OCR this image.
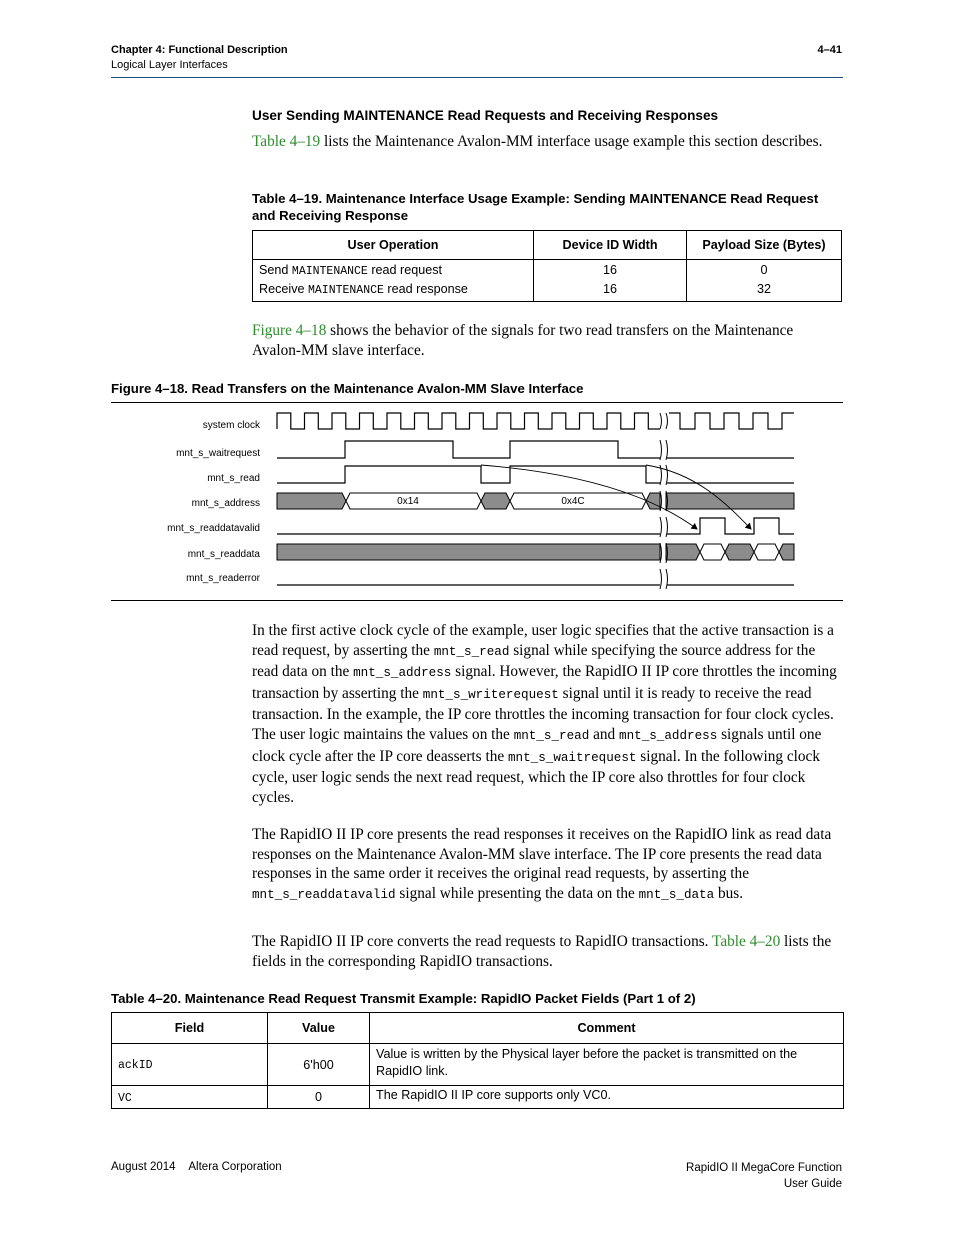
Chapter 4: Functional Description
Logical Layer Interfaces
4–41
User Sending MAINTENANCE Read Requests and Receiving Responses
Table 4–19 lists the Maintenance Avalon-MM interface usage example this section describes.
Table 4–19. Maintenance Interface Usage Example: Sending MAINTENANCE Read Request and Receiving Response
User Operation	Device ID Width	Payload Size (Bytes)
Send MAINTENANCE read request	16	0
Receive MAINTENANCE read response	16	32
Figure 4–18 shows the behavior of the signals for two read transfers on the Maintenance Avalon-MM slave interface.
Figure 4–18. Read Transfers on the Maintenance Avalon-MM Slave Interface
system clock
mnt_s_waitrequest
mnt_s_read
mnt_s_address
mnt_s_readdatavalid
mnt_s_readdata
mnt_s_readerror
0x14	0x4C
In the first active clock cycle of the example, user logic specifies that the active transaction is a read request, by asserting the mnt_s_read signal while specifying the source address for the read data on the mnt_s_address signal. However, the RapidIO II IP core throttles the incoming transaction by asserting the mnt_s_writerequest signal until it is ready to receive the read transaction. In the example, the IP core throttles the incoming transaction for four clock cycles. The user logic maintains the values on the mnt_s_read and mnt_s_address signals until one clock cycle after the IP core deasserts the mnt_s_waitrequest signal. In the following clock cycle, user logic sends the next read request, which the IP core also throttles for four clock cycles.
The RapidIO II IP core presents the read responses it receives on the RapidIO link as read data responses on the Maintenance Avalon-MM slave interface. The IP core presents the read data responses in the same order it receives the original read requests, by asserting the mnt_s_readdatavalid signal while presenting the data on the mnt_s_data bus.
The RapidIO II IP core converts the read requests to RapidIO transactions. Table 4–20 lists the fields in the corresponding RapidIO transactions.
Table 4–20. Maintenance Read Request Transmit Example: RapidIO Packet Fields (Part 1 of 2)
Field	Value	Comment
ackID	6'h00	Value is written by the Physical layer before the packet is transmitted on the RapidIO link.
VC	0	The RapidIO II IP core supports only VC0.
August 2014 Altera Corporation	RapidIO II MegaCore Function
User Guide
